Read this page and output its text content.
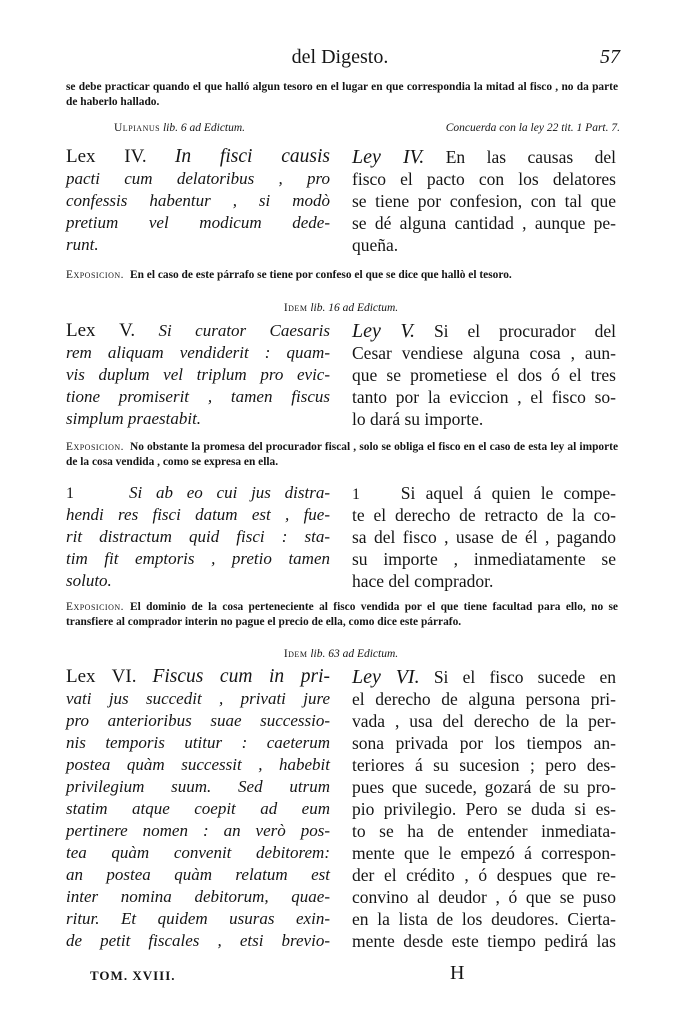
del Digesto.	57
se debe practicar quando el que halló algun tesoro en el lugar en que correspondia la mitad al fisco , no da parte de haberlo hallado.
Ulpianus lib. 6 ad Edictum.	Concuerda con la ley 22 tit. 1 Part. 7.
Lex IV. In fisci causis
pacti cum delatoribus , pro
confessis habentur , si modò
pretium vel modicum dede-
runt.
Ley IV. En las causas del
fisco el pacto con los delatores
se tiene por confesion, con tal que
se dé alguna cantidad , aunque pe-
queña.
Exposicion. En el caso de este párrafo se tiene por confeso el que se dice que hallò el tesoro.
Idem lib. 16 ad Edictum.
Lex V. Si curator Caesaris
rem aliquam vendiderit : quam-
vis duplum vel triplum pro evic-
tione promiserit , tamen fiscus
simplum praestabit.
Ley V. Si el procurador del
Cesar vendiese alguna cosa , aun-
que se prometiese el dos ó el tres
tanto por la eviccion , el fisco so-
lo dará su importe.
Exposicion. No obstante la promesa del procurador fiscal , solo se obliga el fisco en el caso de esta ley al importe de la cosa vendida , como se expresa en ella.
1	Si ab eo cui jus distra-
hendi res fisci datum est , fue-
rit distractum quid fisci : sta-
tim fit emptoris , pretio tamen
soluto.
1 Si aquel á quien le compe-
te el derecho de retracto de la co-
sa del fisco , usase de él , pagando
su importe , inmediatamente se
hace del comprador.
Exposicion. El dominio de la cosa perteneciente al fisco vendida por el que tiene facultad para ello, no se transfiere al comprador interin no pague el precio de ella, como dice este párrafo.
Idem lib. 63 ad Edictum.
Lex VI. Fiscus cum in pri-
vati jus succedit , privati jure
pro anterioribus suae successio-
nis temporis utitur : caeterum
postea quàm successit , habebit
privilegium suum. Sed utrum
statim atque coepit ad eum
pertinere nomen : an verò pos-
tea quàm convenit debitorem:
an postea quàm relatum est
inter nomina debitorum, quae-
ritur. Et quidem usuras exin-
de petit fiscales , etsi brevio-
Ley VI. Si el fisco sucede en
el derecho de alguna persona pri-
vada , usa del derecho de la per-
sona privada por los tiempos an-
teriores á su sucesion ; pero des-
pues que sucede, gozará de su pro-
pio privilegio. Pero se duda si es-
to se ha de entender inmediata-
mente que le empezó á correspon-
der el crédito , ó despues que re-
convino al deudor , ó que se puso
en la lista de los deudores. Cierta-
mente desde este tiempo pedirá las
TOM. XVIII.	H
